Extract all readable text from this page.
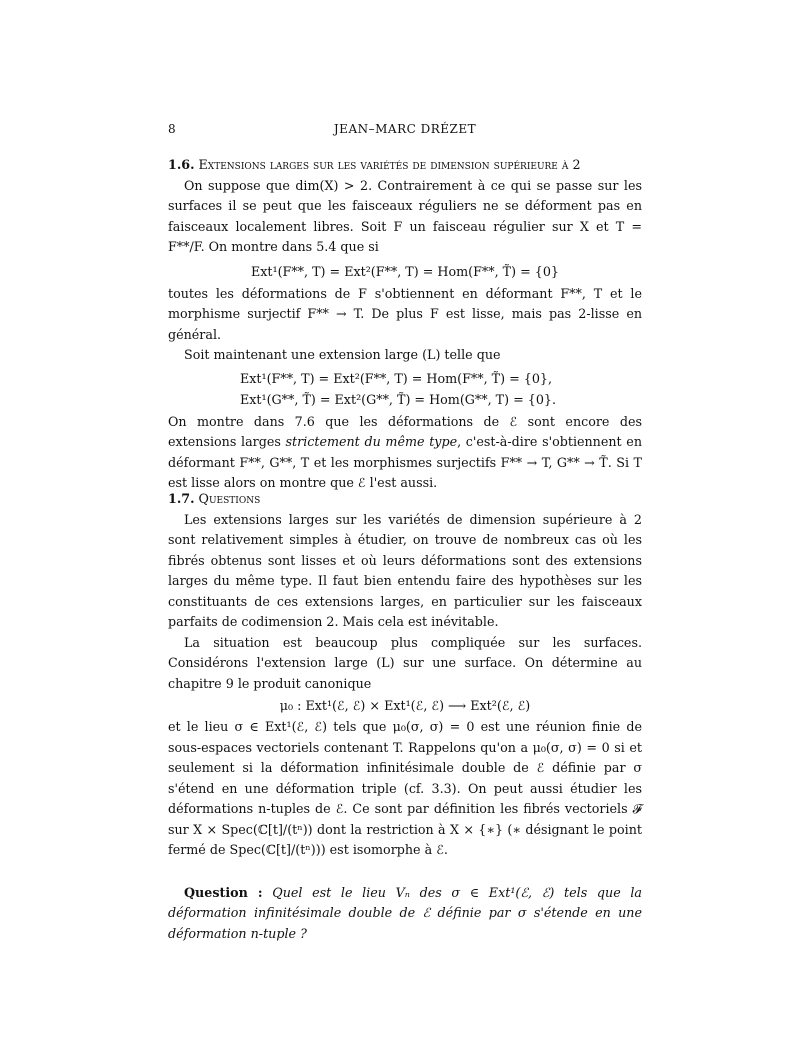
8	JEAN–MARC DRÉZET

1.6. Extensions larges sur les variétés de dimension supérieure à 2

On suppose que dim(X) > 2. Contrairement à ce qui se passe sur les surfaces il se peut que les faisceaux réguliers ne se déforment pas en faisceaux localement libres. Soit F un faisceau régulier sur X et T = F**/F. On montre dans 5.4 que si

Ext¹(F**, T) = Ext²(F**, T) = Hom(F**, T̃) = {0}

toutes les déformations de F s'obtiennent en déformant F**, T et le morphisme surjectif F** → T. De plus F est lisse, mais pas 2-lisse en général.

Soit maintenant une extension large (L) telle que

Ext¹(F**, T) = Ext²(F**, T) = Hom(F**, T̃) = {0},

Ext¹(G**, T̃) = Ext²(G**, T̃) = Hom(G**, T) = {0}.

On montre dans 7.6 que les déformations de ℰ sont encore des extensions larges strictement du même type, c'est-à-dire s'obtiennent en déformant F**, G**, T et les morphismes surjectifs F** → T, G** → T̃. Si T est lisse alors on montre que ℰ l'est aussi.

1.7. Questions

Les extensions larges sur les variétés de dimension supérieure à 2 sont relativement simples à étudier, on trouve de nombreux cas où les fibrés obtenus sont lisses et où leurs déformations sont des extensions larges du même type. Il faut bien entendu faire des hypothèses sur les constituants de ces extensions larges, en particulier sur les faisceaux parfaits de codimension 2. Mais cela est inévitable.

La situation est beaucoup plus compliquée sur les surfaces. Considérons l'extension large (L) sur une surface. On détermine au chapitre 9 le produit canonique

μ₀ : Ext¹(ℰ, ℰ) × Ext¹(ℰ, ℰ) ⟶ Ext²(ℰ, ℰ)

et le lieu σ ∈ Ext¹(ℰ, ℰ) tels que μ₀(σ, σ) = 0 est une réunion finie de sous-espaces vectoriels contenant T. Rappelons qu'on a μ₀(σ, σ) = 0 si et seulement si la déformation infinitésimale double de ℰ définie par σ s'étend en une déformation triple (cf. 3.3). On peut aussi étudier les déformations n-tuples de ℰ. Ce sont par définition les fibrés vectoriels 𝓕 sur X × Spec(ℂ[t]/(tⁿ)) dont la restriction à X × {∗} (∗ désignant le point fermé de Spec(ℂ[t]/(tⁿ))) est isomorphe à ℰ.

Question : Quel est le lieu Vₙ des σ ∈ Ext¹(ℰ, ℰ) tels que la déformation infinitésimale double de ℰ définie par σ s'étende en une déformation n-tuple ?
